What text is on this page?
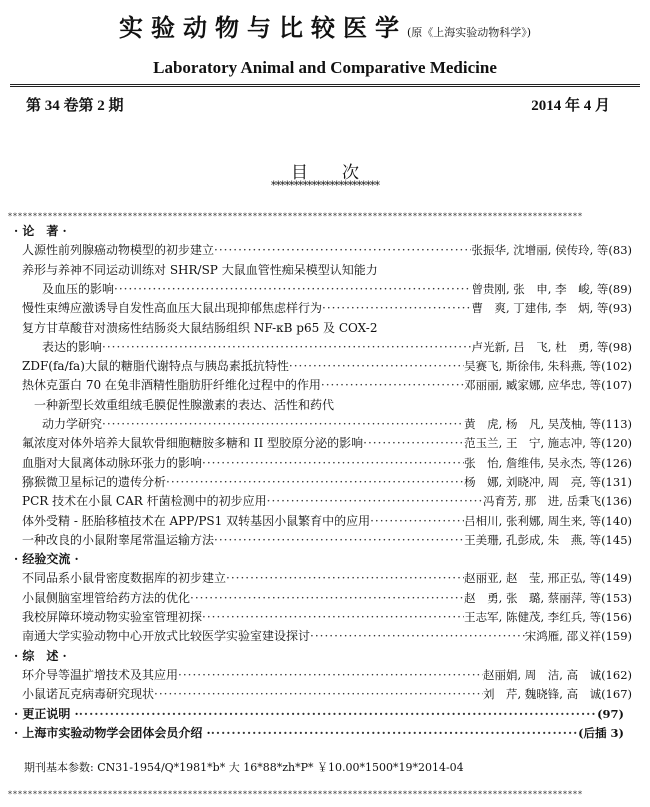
实验动物与比较医学(原《上海实验动物科学》)
Laboratory Animal and Comparative Medicine
第 34 卷第 2 期	2014 年 4 月
目次
************************
*******************************************************************************************************************
· 论　著 ·
人源性前列腺癌动物模型的初步建立 ·····	张振华, 沈增丽, 侯传玲, 等(83)
养形与养神不同运动训练对 SHR/SP 大鼠血管性痴呆模型认知能力
及血压的影响 ·····	曾贵刚, 张　申, 李　峻, 等(89)
慢性束缚应激诱导自发性高血压大鼠出现抑郁焦虑样行为 ·····	曹　爽, 丁建伟, 李　炳, 等(93)
复方甘草酸苷对溃疡性结肠炎大鼠结肠组织 NF-κB p65 及 COX-2
表达的影响 ·····	卢光新, 吕　飞, 杜　勇, 等(98)
ZDF(fa/fa)大鼠的糖脂代谢特点与胰岛素抵抗特性 ·····	吴赛飞, 斯徐伟, 朱科燕, 等(102)
热休克蛋白 70 在兔非酒精性脂肪肝纤维化过程中的作用 ·····	邓丽丽, 臧家娜, 应华忠, 等(107)
一种新型长效重组绒毛膜促性腺激素的表达、活性和药代
动力学研究 ·····	黄　虎, 杨　凡, 吴茂柚, 等(113)
氟浓度对体外培养大鼠软骨细胞糖胺多糖和 II 型胶原分泌的影响 ·····	范玉兰, 王　宁, 施志冲, 等(120)
血脂对大鼠离体动脉环张力的影响 ·····	张　怡, 詹维伟, 吴永杰, 等(126)
猕猴微卫星标记的遗传分析 ·····	杨　娜, 刘晓冲, 周　亮, 等(131)
PCR 技术在小鼠 CAR 杆菌检测中的初步应用 ·····	冯育芳, 那　进, 岳秉飞(136)
体外受精 - 胚胎移植技术在 APP/PS1 双转基因小鼠繁育中的应用 ·····	吕相川, 张利娜, 周生来, 等(140)
一种改良的小鼠附睾尾常温运输方法 ·····	王美珊, 孔彭成, 朱　燕, 等(145)
· 经验交流 ·
不同品系小鼠骨密度数据库的初步建立 ·····	赵丽亚, 赵　莹, 邢正弘, 等(149)
小鼠侧脑室埋管给药方法的优化 ·····	赵　勇, 张　璐, 蔡丽萍, 等(153)
我校屏障环境动物实验室管理初探 ·····	王志军, 陈健茂, 李红兵, 等(156)
南通大学实验动物中心开放式比较医学实验室建设探讨 ·····	宋鸿雁, 邵义祥(159)
· 综　述 ·
环介导等温扩增技术及其应用 ·····	赵丽娟, 周　洁, 高　诚(162)
小鼠诺瓦克病毒研究现状 ·····	刘　芹, 魏晓锋, 高　诚(167)
· 更正说明 · ·····	(97)
· 上海市实验动物学会团体会员介绍 · ·····	(后插 3)
期刊基本参数: CN31-1954/Q*1981*b* 大 16*88*zh*P* ￥10.00*1500*19*2014-04
*******************************************************************************************************************
